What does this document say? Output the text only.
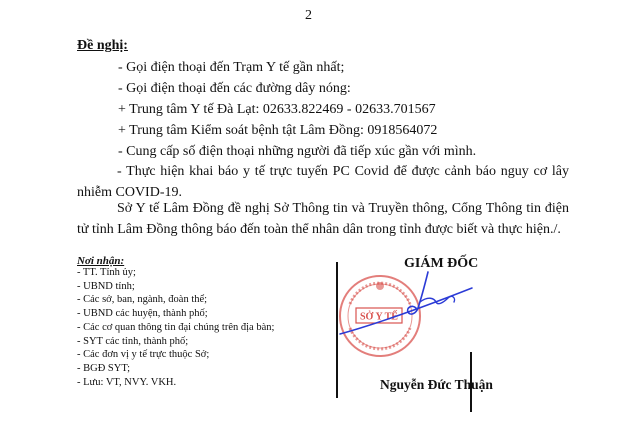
2
Đề nghị:
- Gọi điện thoại đến Trạm Y tế gần nhất;
- Gọi điện thoại đến các đường dây nóng:
+ Trung tâm Y tế Đà Lạt: 02633.822469 - 02633.701567
+ Trung tâm Kiểm soát bệnh tật Lâm Đồng: 0918564072
- Cung cấp số điện thoại những người đã tiếp xúc gần với mình.
- Thực hiện khai báo y tế trực tuyến PC Covid để được cảnh báo nguy cơ lây nhiễm COVID-19.
Sở Y tế Lâm Đồng đề nghị Sở Thông tin và Truyền thông, Cổng Thông tin điện tử tỉnh Lâm Đồng thông báo đến toàn thể nhân dân trong tỉnh được biết và thực hiện./.
Nơi nhận:
- TT. Tỉnh ủy;
- UBND tỉnh;
- Các sở, ban, ngành, đoàn thể;
- UBND các huyện, thành phố;
- Các cơ quan thông tin đại chúng trên địa bàn;
- SYT các tỉnh, thành phố;
- Các đơn vị y tế trực thuộc Sở;
- BGĐ SYT;
- Lưu: VT, NVY. VKH.
GIÁM ĐỐC
SỞ Y TẾ
Nguyễn Đức Thuận
